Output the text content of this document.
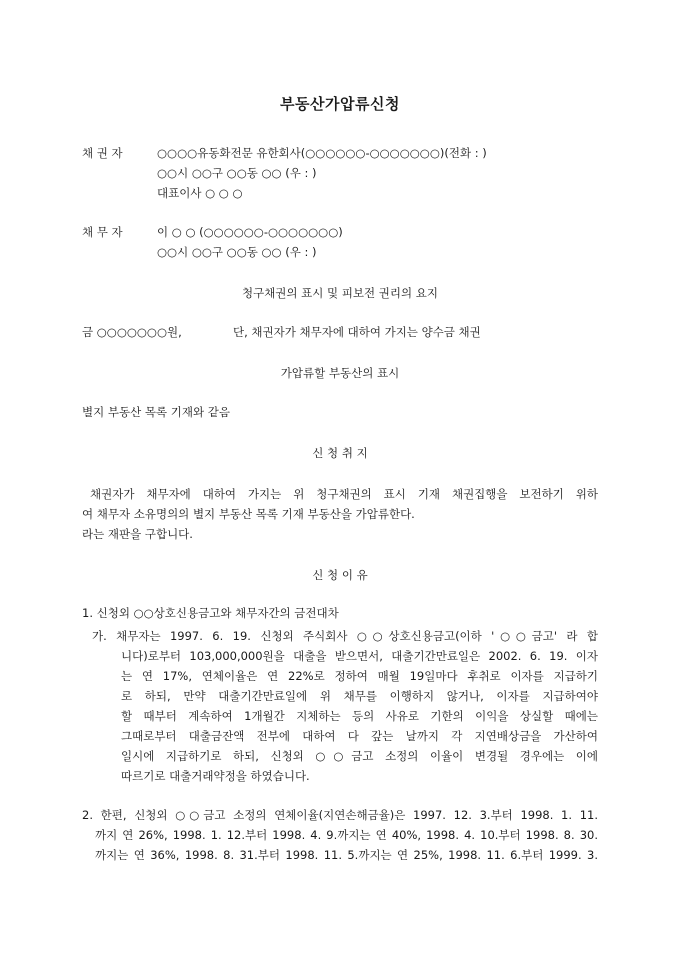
부동산가압류신청
채 권 자	○○○○유동화전문 유한회사(○○○○○○-○○○○○○○)(전화 : )
○○시 ○○구 ○○동 ○○ (우 : )
대표이사 ○ ○ ○
채 무 자	이 ○ ○ (○○○○○○-○○○○○○○)
○○시 ○○구 ○○동 ○○ (우 : )
청구채권의 표시 및 피보전 권리의 요지
금 ○○○○○○○원,	단, 채권자가 채무자에 대하여 가지는 양수금 채권
가압류할 부동산의 표시
별지 부동산 목록 기재와 같음
신 청 취 지
채권자가 채무자에 대하여 가지는 위 청구채권의 표시 기재 채권집행을 보전하기 위하
여 채무자 소유명의의 별지 부동산 목록 기재 부동산을 가압류한다.
라는 재판을 구합니다.
신 청 이 유
1. 신청외 ○○상호신용금고와 채무자간의 금전대차
가. 채무자는 1997. 6. 19. 신청외 주식회사 ○○상호신용금고(이하 '○○금고' 라 합
니다)로부터 103,000,000원을 대출을 받으면서, 대출기간만료일은 2002. 6. 19. 이자
는 연 17%, 연체이율은 연 22%로 정하여 매월 19일마다 후취로 이자를 지급하기
로 하되, 만약 대출기간만료일에 위 채무를 이행하지 않거나, 이자를 지급하여야
할 때부터 계속하여 1개월간 지체하는 등의 사유로 기한의 이익을 상실할 때에는
그때로부터 대출금잔액 전부에 대하여 다 갚는 날까지 각 지연배상금을 가산하여
일시에 지급하기로 하되, 신청외 ○○금고 소정의 이율이 변경될 경우에는 이에
따르기로 대출거래약정을 하였습니다.
2. 한편, 신청외 ○○금고 소정의 연체이율(지연손해금율)은 1997. 12. 3.부터 1998. 1. 11.
까지 연 26%, 1998. 1. 12.부터 1998. 4. 9.까지는 연 40%, 1998. 4. 10.부터 1998. 8. 30.
까지는 연 36%, 1998. 8. 31.부터 1998. 11. 5.까지는 연 25%, 1998. 11. 6.부터 1999. 3.
